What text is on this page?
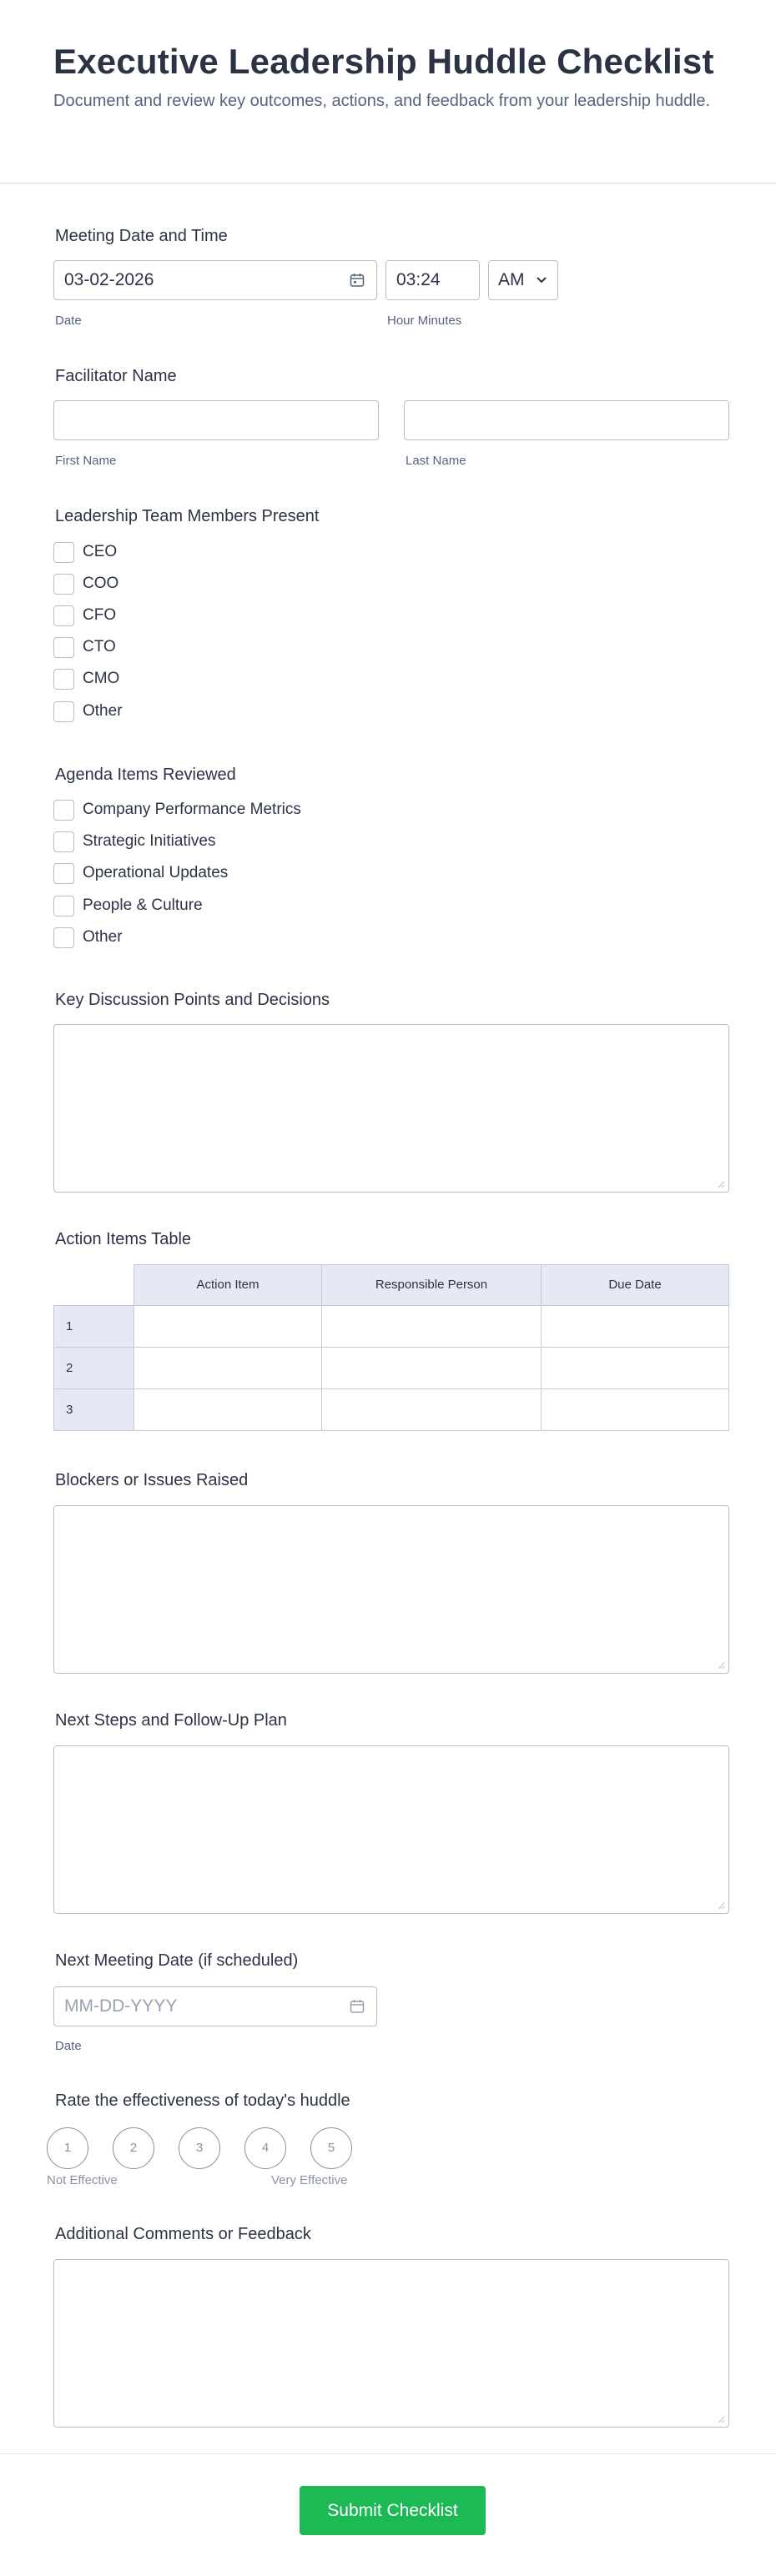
Executive Leadership Huddle Checklist
Document and review key outcomes, actions, and feedback from your leadership huddle.
Meeting Date and Time
03-02-2026	03:24	AM
Date	Hour Minutes
Facilitator Name
First Name	Last Name
Leadership Team Members Present
CEO
COO
CFO
CTO
CMO
Other
Agenda Items Reviewed
Company Performance Metrics
Strategic Initiatives
Operational Updates
People & Culture
Other
Key Discussion Points and Decisions
Action Items Table
Action Item	Responsible Person	Due Date
1
2
3
Blockers or Issues Raised
Next Steps and Follow-Up Plan
Next Meeting Date (if scheduled)
MM-DD-YYYY
Date
Rate the effectiveness of today's huddle
1	2	3	4	5
Not Effective	Very Effective
Additional Comments or Feedback
Submit Checklist
